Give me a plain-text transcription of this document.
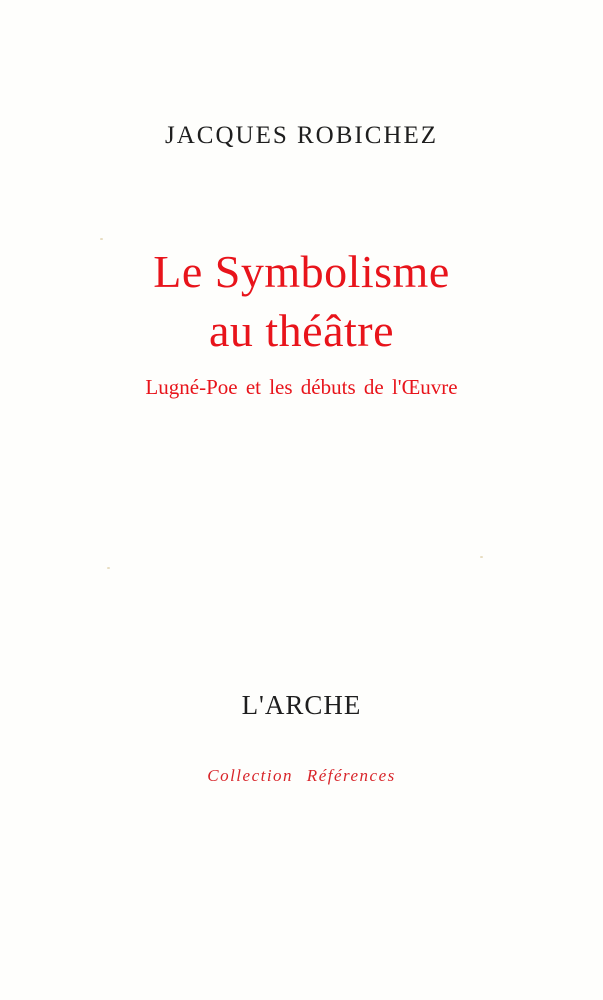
JACQUES ROBICHEZ

Le Symbolisme

au théâtre

Lugné-Poe et les débuts de l'Œuvre

L'ARCHE

Collection Références
